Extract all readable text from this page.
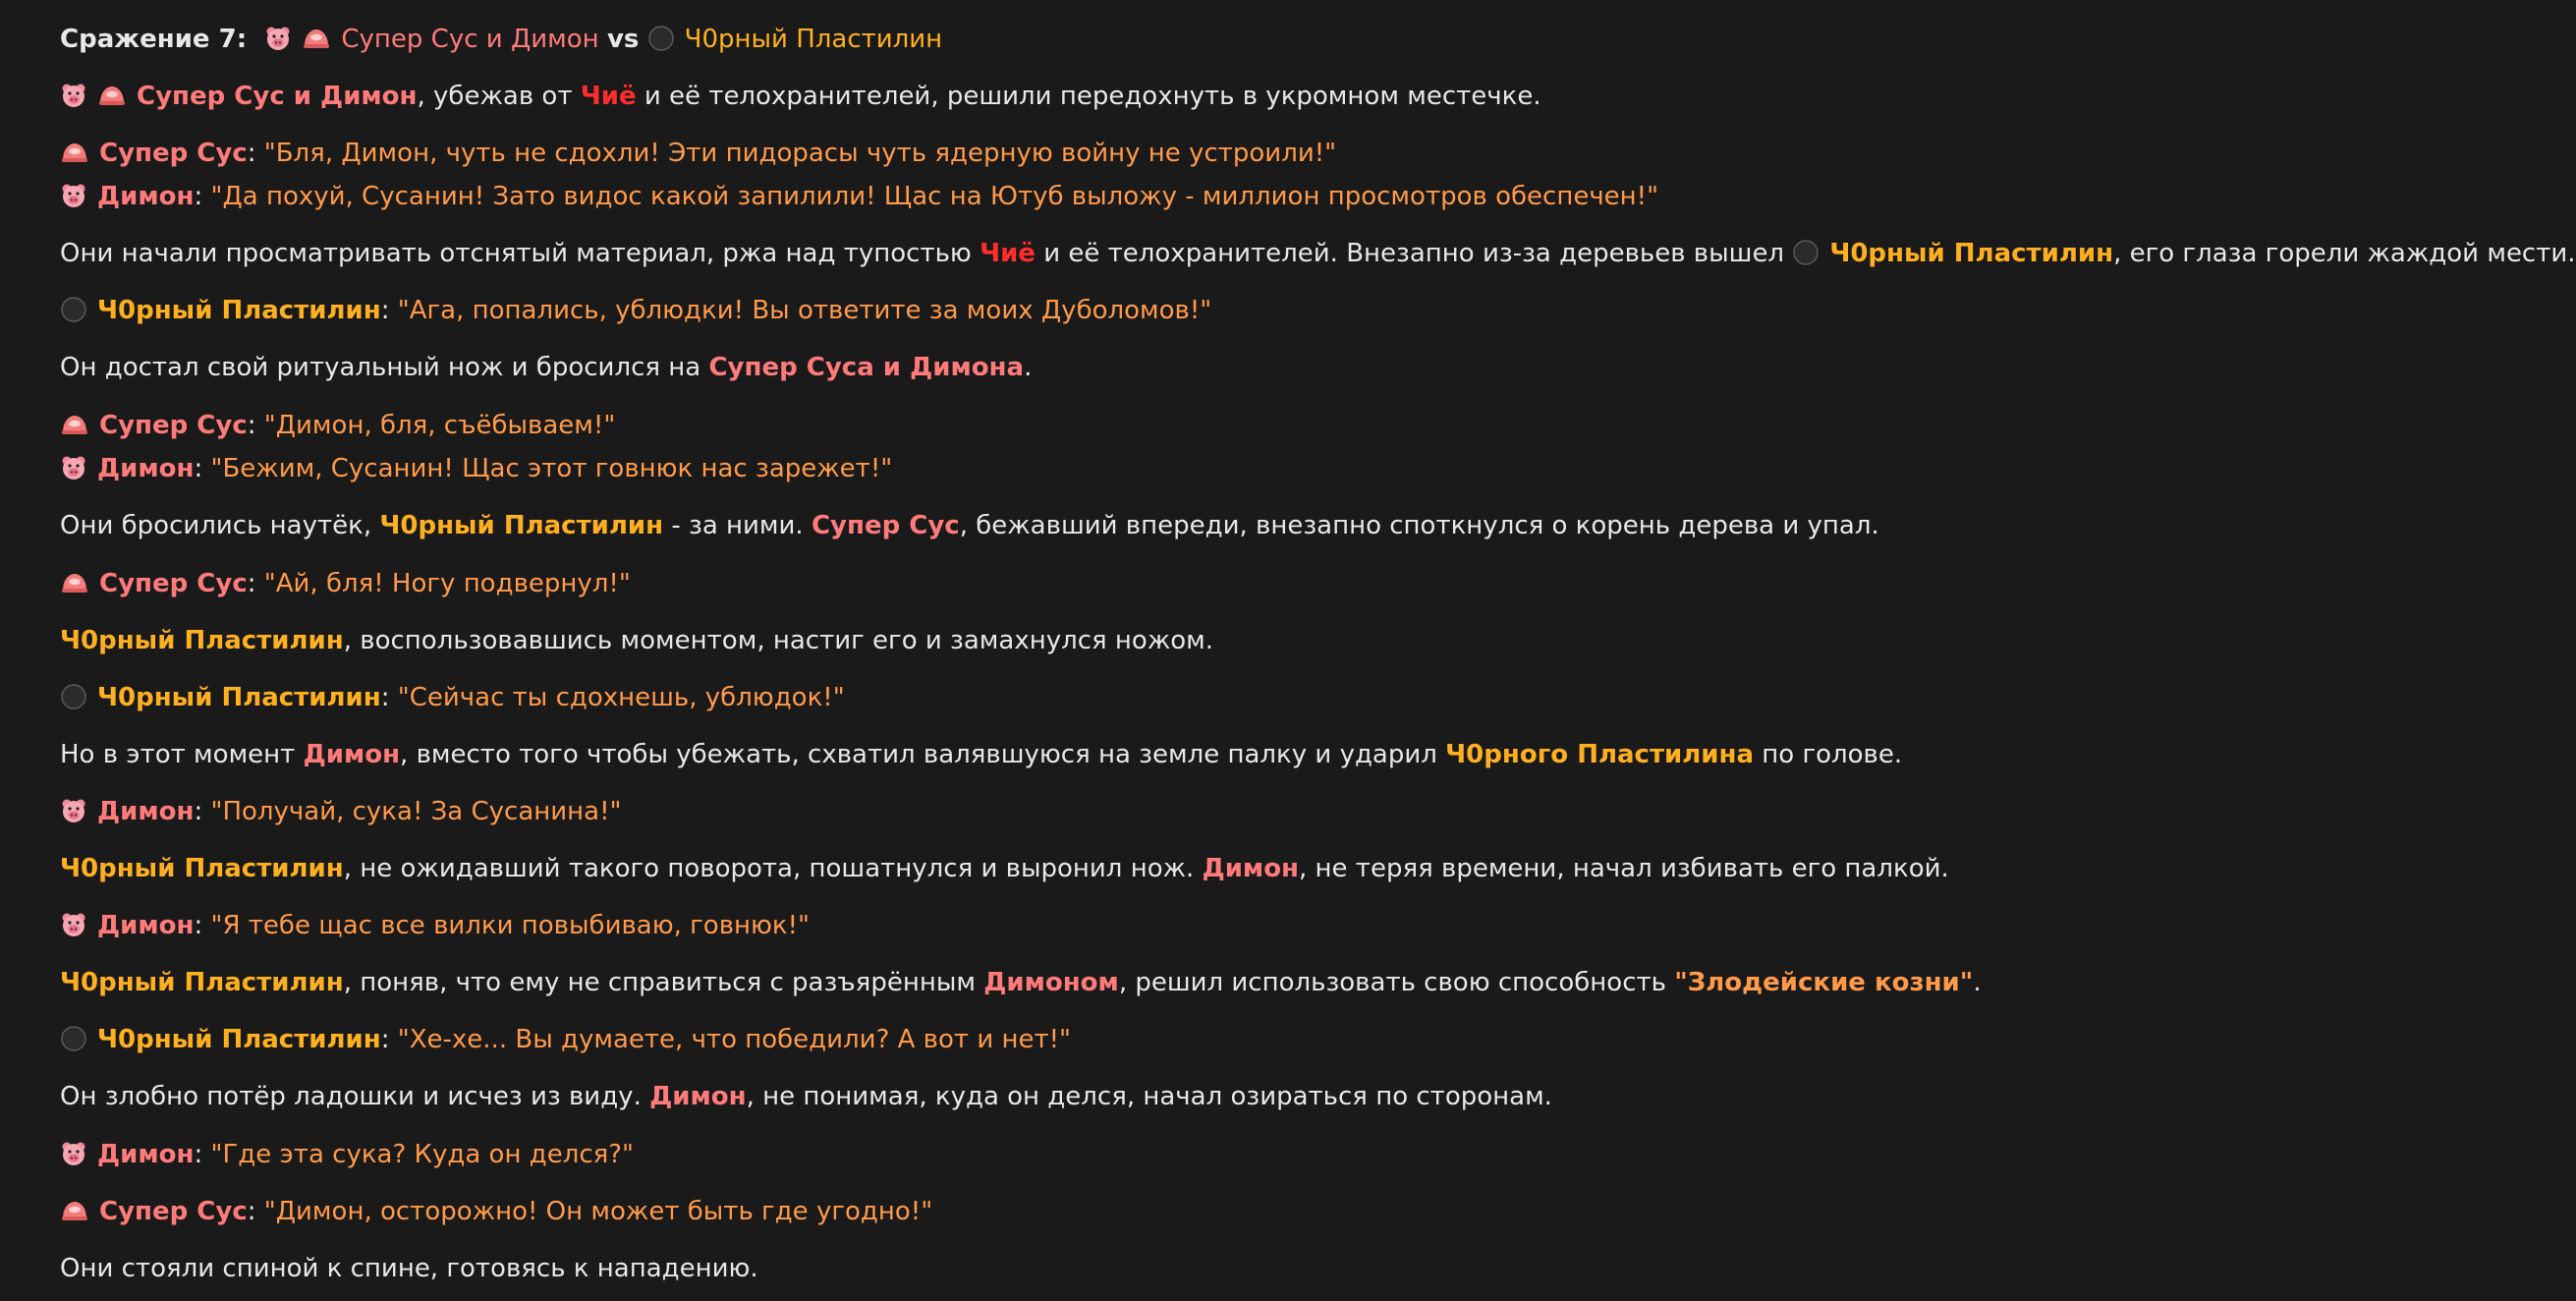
Сражение 7:	Супер Сус и Димон vs Ч0рный Пластилин
Супер Сус и Димон, убежав от Чиё и её телохранителей, решили передохнуть в укромном местечке.
Супер Сус: "Бля, Димон, чуть не сдохли! Эти пидорасы чуть ядерную войну не устроили!"
Димон: "Да похуй, Сусанин! Зато видос какой запилили! Щас на Ютуб выложу - миллион просмотров обеспечен!"
Они начали просматривать отснятый материал, ржа над тупостью Чиё и её телохранителей. Внезапно из-за деревьев вышел
Ч0рный Пластилин, его глаза горели жаждой мести.
Ч0рный Пластилин: "Ага, попались, ублюдки! Вы ответите за моих Дуболомов!"
Он достал свой ритуальный нож и бросился на Супер Суса и Димона.
Супер Сус: "Димон, бля, съёбываем!"
Димон: "Бежим, Сусанин! Щас этот говнюк нас зарежет!"
Они бросились наутёк, Ч0рный Пластилин - за ними. Супер Сус, бежавший впереди, внезапно споткнулся о корень дерева и упал.
Супер Сус: "Ай, бля! Ногу подвернул!"
Ч0рный Пластилин, воспользовавшись моментом, настиг его и замахнулся ножом.
Ч0рный Пластилин: "Сейчас ты сдохнешь, ублюдок!"
Но в этот момент Димон, вместо того чтобы убежать, схватил валявшуюся на земле палку и ударил Ч0рного Пластилина по голове.
Димон: "Получай, сука! За Сусанина!"
Ч0рный Пластилин, не ожидавший такого поворота, пошатнулся и выронил нож. Димон, не теряя времени, начал избивать его палкой.
Димон: "Я тебе щас все вилки повыбиваю, говнюк!"
Ч0рный Пластилин, поняв, что ему не справиться с разъярённым Димоном, решил использовать свою способность "Злодейские козни".
Ч0рный Пластилин: "Хе-хе... Вы думаете, что победили? А вот и нет!"
Он злобно потёр ладошки и исчез из виду. Димон, не понимая, куда он делся, начал озираться по сторонам.
Димон: "Где эта сука? Куда он делся?"
Супер Сус: "Димон, осторожно! Он может быть где угодно!"
Они стояли спиной к спине, готовясь к нападению.
